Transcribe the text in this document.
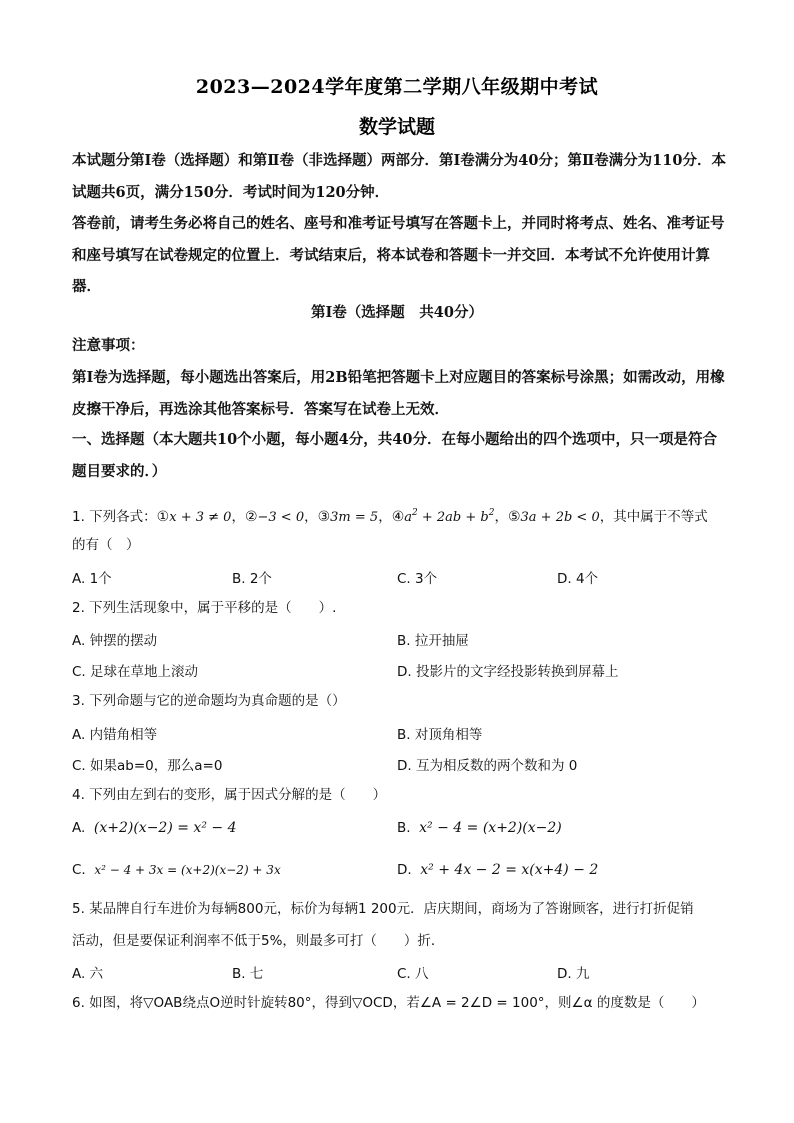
2023—2024学年度第二学期八年级期中考试
数学试题
本试题分第Ⅰ卷（选择题）和第Ⅱ卷（非选择题）两部分．第Ⅰ卷满分为40分；第Ⅱ卷满分为110分．本试题共6页，满分150分．考试时间为120分钟．
答卷前，请考生务必将自己的姓名、座号和准考证号填写在答题卡上，并同时将考点、姓名、准考证号和座号填写在试卷规定的位置上．考试结束后，将本试卷和答题卡一并交回．本考试不允许使用计算器．
第Ⅰ卷（选择题　共40分）
注意事项：
第Ⅰ卷为选择题，每小题选出答案后，用2B铅笔把答题卡上对应题目的答案标号涂黑；如需改动，用橡皮擦干净后，再选涂其他答案标号．答案写在试卷上无效．
一、选择题（本大题共10个小题，每小题4分，共40分．在每小题给出的四个选项中，只一项是符合题目要求的．）
1. 下列各式：①x + 3 ≠ 0，②−3 < 0，③3m = 5，$④a^2 + 2ab + b^2$，⑤3a + 2b < 0，其中属于不等式
的有（　）
A. 1个	B. 2个	C. 3个	D. 4个
2. 下列生活现象中，属于平移的是（　　）.
A. 钟摆的摆动	B. 拉开抽屉
C. 足球在草地上滚动	D. 投影片的文字经投影转换到屏幕上
3. 下列命题与它的逆命题均为真命题的是（）
A. 内错角相等	B. 对顶角相等
C. 如果ab=0，那么a=0	D. 互为相反数的两个数和为 0
4. 下列由左到右的变形，属于因式分解的是（　　）
A. (x+2)(x−2) = x² − 4	B. x² − 4 = (x+2)(x−2)
C. x² − 4 + 3x = (x+2)(x−2) + 3x	D. x² + 4x − 2 = x(x+4) − 2
5. 某品牌自行车进价为每辆800元，标价为每辆1 200元．店庆期间，商场为了答谢顾客，进行打折促销
活动，但是要保证利润率不低于5%，则最多可打（　　）折．
A. 六	B. 七	C. 八	D. 九
6. 如图，将▽OAB绕点O逆时针旋转80°，得到▽OCD，若∠A = 2∠D = 100°，则∠α 的度数是（　　）
